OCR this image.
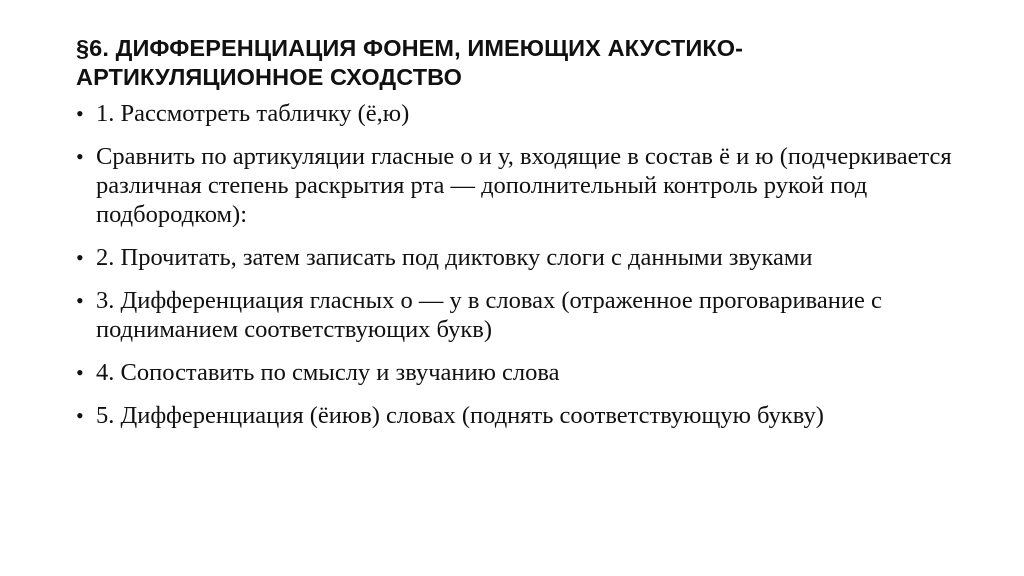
§6. ДИФФЕРЕНЦИАЦИЯ ФОНЕМ, ИМЕЮЩИХ АКУСТИКО-АРТИКУЛЯЦИОННОЕ СХОДСТВО
• 1. Рассмотреть табличку (ё,ю)
• Сравнить по артикуляции гласные о и у, входящие в состав ё и ю (подчеркивается различная степень раскрытия рта — дополнительный контроль рукой под подбородком):
• 2. Прочитать, затем записать под диктовку слоги с данными звуками
• 3. Дифференциация гласных о — у в словах (отраженное проговаривание с подниманием соответствующих букв)
• 4. Сопоставить по смыслу и звучанию слова
• 5. Дифференциация (ёиюв) словах (поднять соответствующую букву)
